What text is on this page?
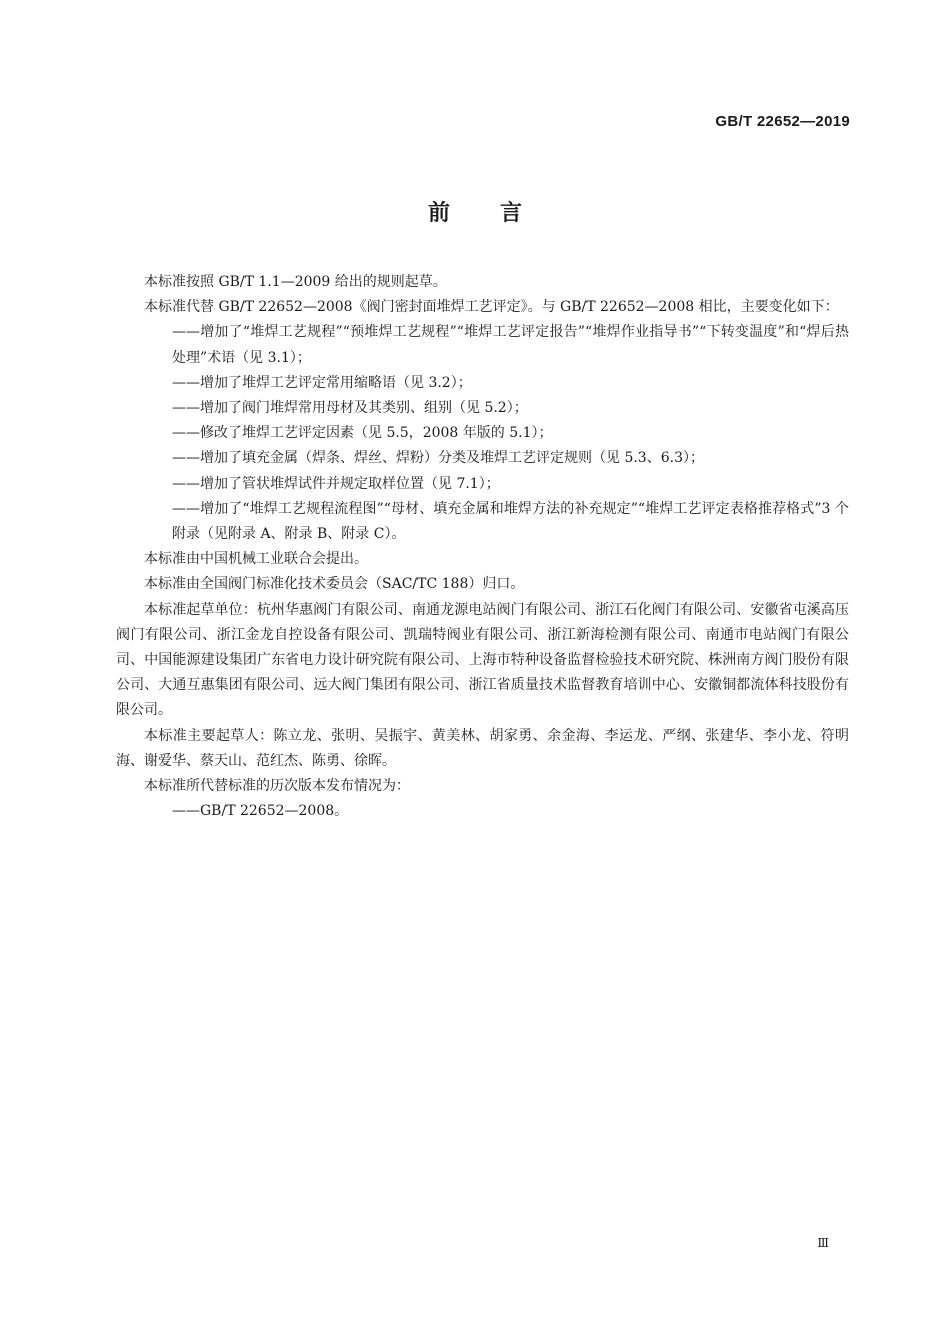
GB/T 22652—2019
前言

本标准按照 GB/T 1.1—2009 给出的规则起草。

本标准代替 GB/T 22652—2008《阀门密封面堆焊工艺评定》。与 GB/T 22652—2008 相比，主要变化如下：

——增加了“堆焊工艺规程”“预堆焊工艺规程”“堆焊工艺评定报告”“堆焊作业指导书”“下转变温度”和“焊后热处理”术语（见 3.1）；

——增加了堆焊工艺评定常用缩略语（见 3.2）；

——增加了阀门堆焊常用母材及其类别、组别（见 5.2）；

——修改了堆焊工艺评定因素（见 5.5，2008 年版的 5.1）；

——增加了填充金属（焊条、焊丝、焊粉）分类及堆焊工艺评定规则（见 5.3、6.3）；

——增加了管状堆焊试件并规定取样位置（见 7.1）；

——增加了“堆焊工艺规程流程图”“母材、填充金属和堆焊方法的补充规定”“堆焊工艺评定表格推荐格式”3 个附录（见附录 A、附录 B、附录 C）。

本标准由中国机械工业联合会提出。

本标准由全国阀门标准化技术委员会（SAC/TC 188）归口。

本标准起草单位：杭州华惠阀门有限公司、南通龙源电站阀门有限公司、浙江石化阀门有限公司、安徽省屯溪高压阀门有限公司、浙江金龙自控设备有限公司、凯瑞特阀业有限公司、浙江新海检测有限公司、南通市电站阀门有限公司、中国能源建设集团广东省电力设计研究院有限公司、上海市特种设备监督检验技术研究院、株洲南方阀门股份有限公司、大通互惠集团有限公司、远大阀门集团有限公司、浙江省质量技术监督教育培训中心、安徽铜都流体科技股份有限公司。

本标准主要起草人：陈立龙、张明、吴振宇、黄美林、胡家勇、余金海、李运龙、严纲、张建华、李小龙、符明海、谢爱华、蔡天山、范红杰、陈勇、徐晖。

本标准所代替标准的历次版本发布情况为：

——GB/T 22652—2008。

Ⅲ
